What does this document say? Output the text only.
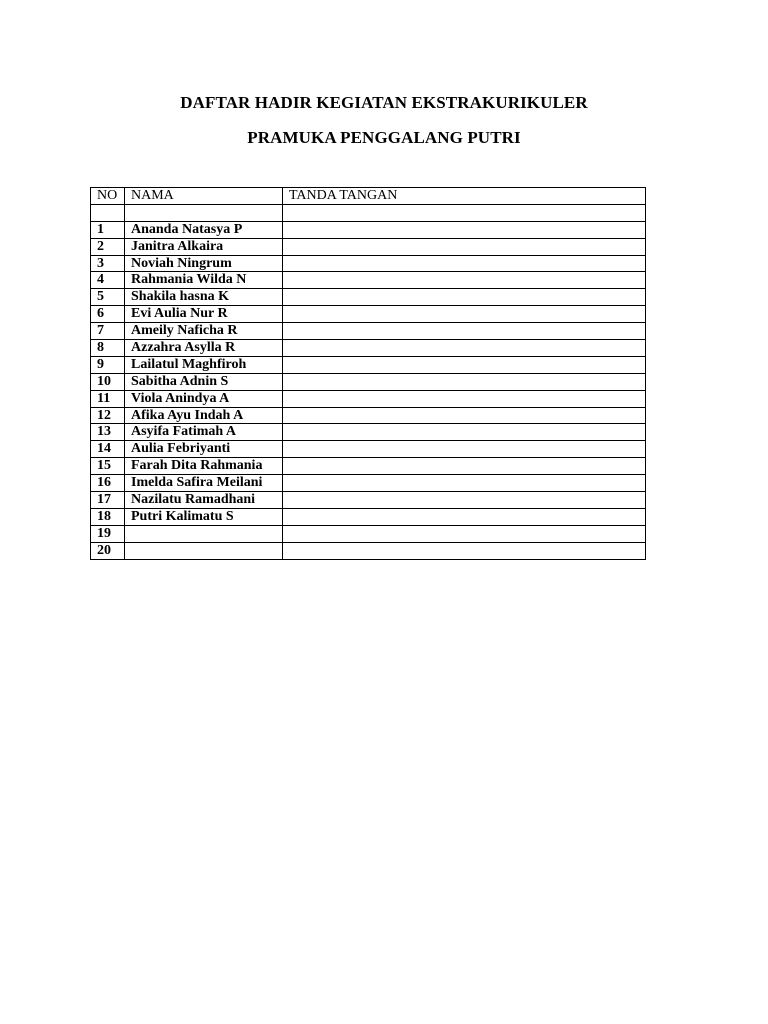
DAFTAR HADIR KEGIATAN EKSTRAKURIKULER
PRAMUKA PENGGALANG PUTRI
NO	NAMA	TANDA TANGAN

1	Ananda Natasya P	
2	Janitra Alkaira	
3	Noviah Ningrum	
4	Rahmania Wilda N	
5	Shakila hasna K	
6	Evi Aulia Nur R	
7	Ameily Naficha R	
8	Azzahra Asylla R	
9	Lailatul Maghfiroh	
10	Sabitha Adnin S	
11	Viola Anindya A	
12	Afika Ayu Indah A	
13	Asyifa Fatimah A	
14	Aulia Febriyanti	
15	Farah Dita Rahmania	
16	Imelda Safira Meilani	
17	Nazilatu Ramadhani	
18	Putri Kalimatu S	
19		
20		
